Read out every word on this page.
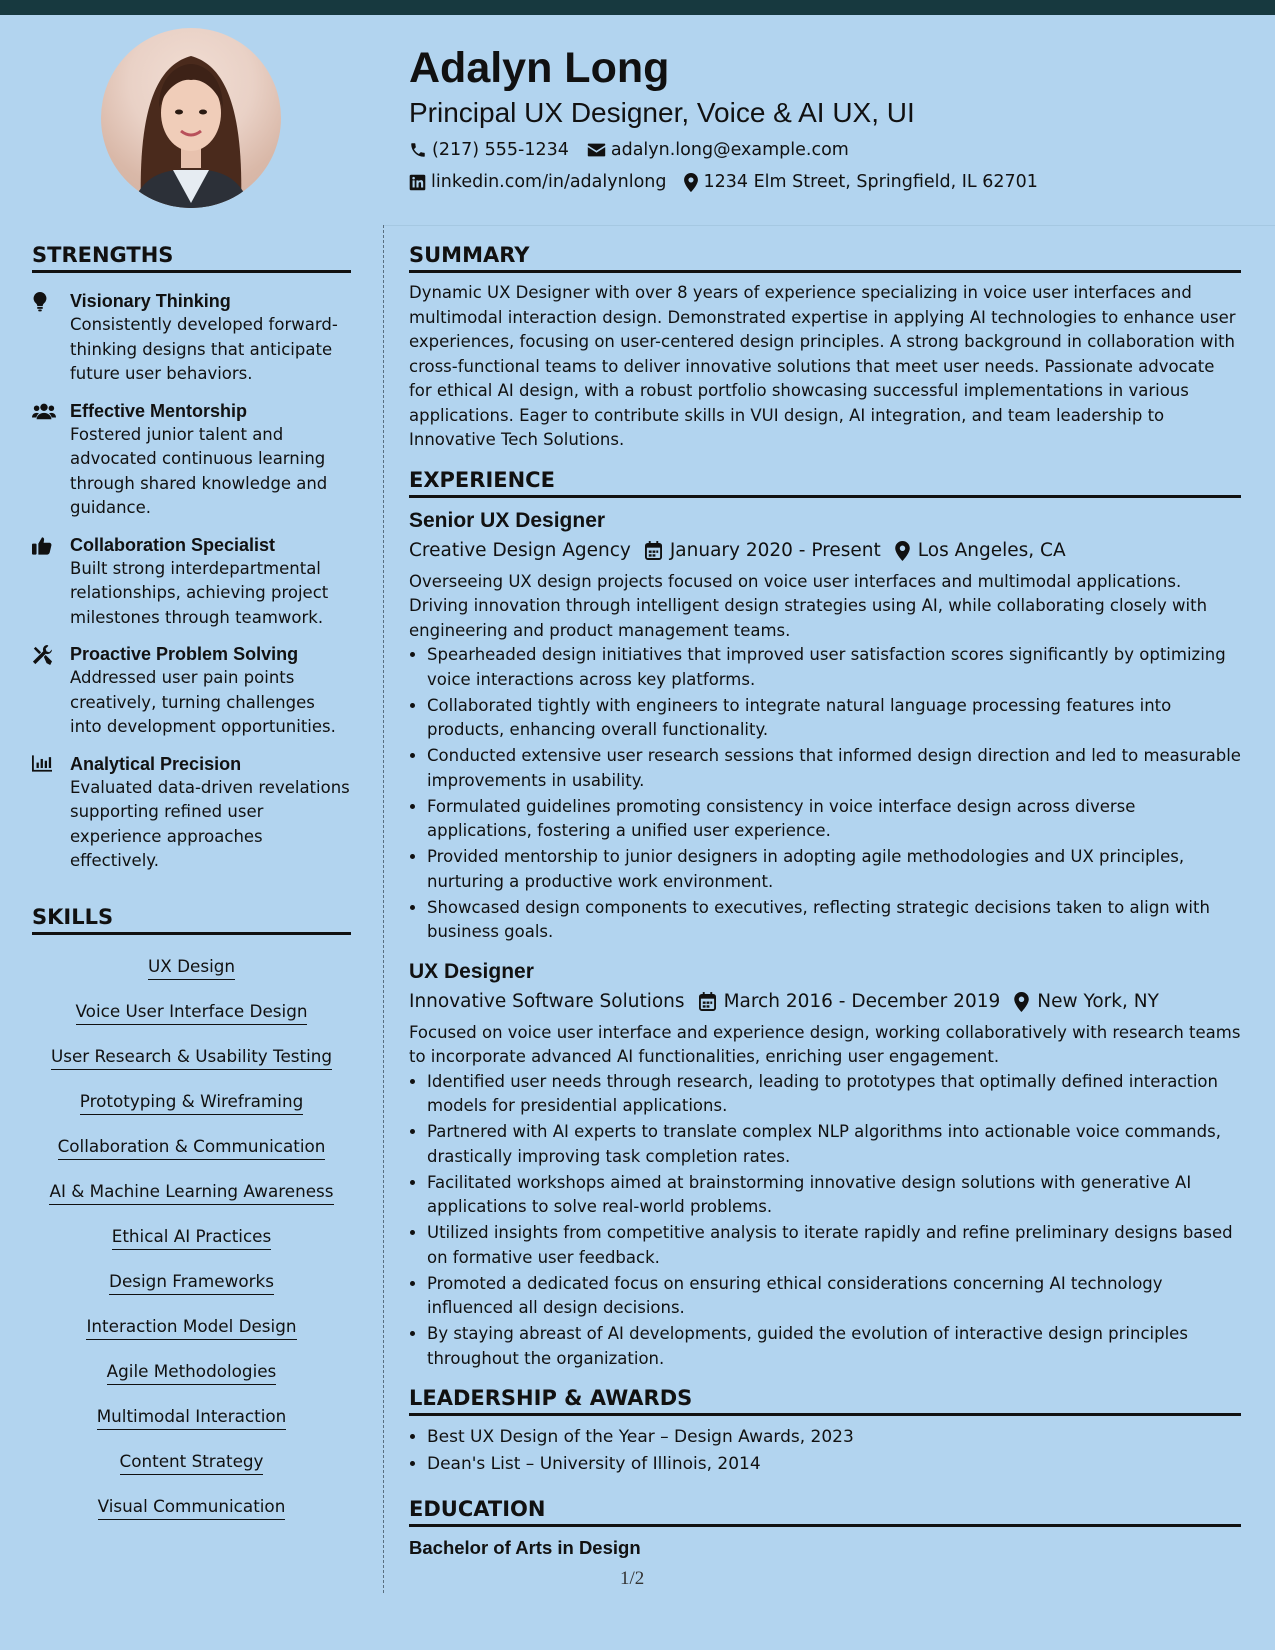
Adalyn Long
Principal UX Designer, Voice & AI UX, UI
(217) 555-1234 adalyn.long@example.com
linkedin.com/in/adalynlong 1234 Elm Street, Springfield, IL 62701
STRENGTHS
Visionary Thinking
Consistently developed forward-thinking designs that anticipate future user behaviors.
Effective Mentorship
Fostered junior talent and advocated continuous learning through shared knowledge and guidance.
Collaboration Specialist
Built strong interdepartmental relationships, achieving project milestones through teamwork.
Proactive Problem Solving
Addressed user pain points creatively, turning challenges into development opportunities.
Analytical Precision
Evaluated data-driven revelations supporting refined user experience approaches effectively.
SKILLS
UX Design
Voice User Interface Design
User Research & Usability Testing
Prototyping & Wireframing
Collaboration & Communication
AI & Machine Learning Awareness
Ethical AI Practices
Design Frameworks
Interaction Model Design
Agile Methodologies
Multimodal Interaction
Content Strategy
Visual Communication
SUMMARY

Dynamic UX Designer with over 8 years of experience specializing in voice user interfaces and multimodal interaction design. Demonstrated expertise in applying AI technologies to enhance user experiences, focusing on user-centered design principles. A strong background in collaboration with cross-functional teams to deliver innovative solutions that meet user needs. Passionate advocate for ethical AI design, with a robust portfolio showcasing successful implementations in various applications. Eager to contribute skills in VUI design, AI integration, and team leadership to Innovative Tech Solutions.

EXPERIENCE
Senior UX Designer
Creative Design Agency January 2020 - Present Los Angeles, CA
Overseeing UX design projects focused on voice user interfaces and multimodal applications. Driving innovation through intelligent design strategies using AI, while collaborating closely with engineering and product management teams.
• Spearheaded design initiatives that improved user satisfaction scores significantly by optimizing voice interactions across key platforms.
• Collaborated tightly with engineers to integrate natural language processing features into products, enhancing overall functionality.
• Conducted extensive user research sessions that informed design direction and led to measurable improvements in usability.
• Formulated guidelines promoting consistency in voice interface design across diverse applications, fostering a unified user experience.
• Provided mentorship to junior designers in adopting agile methodologies and UX principles, nurturing a productive work environment.
• Showcased design components to executives, reflecting strategic decisions taken to align with business goals.
UX Designer
Innovative Software Solutions March 2016 - December 2019 New York, NY
Focused on voice user interface and experience design, working collaboratively with research teams to incorporate advanced AI functionalities, enriching user engagement.
• Identified user needs through research, leading to prototypes that optimally defined interaction models for presidential applications.
• Partnered with AI experts to translate complex NLP algorithms into actionable voice commands, drastically improving task completion rates.
• Facilitated workshops aimed at brainstorming innovative design solutions with generative AI applications to solve real-world problems.
• Utilized insights from competitive analysis to iterate rapidly and refine preliminary designs based on formative user feedback.
• Promoted a dedicated focus on ensuring ethical considerations concerning AI technology influenced all design decisions.
• By staying abreast of AI developments, guided the evolution of interactive design principles throughout the organization.
LEADERSHIP & AWARDS
• Best UX Design of the Year – Design Awards, 2023
• Dean's List – University of Illinois, 2014
EDUCATION
Bachelor of Arts in Design
1/2
